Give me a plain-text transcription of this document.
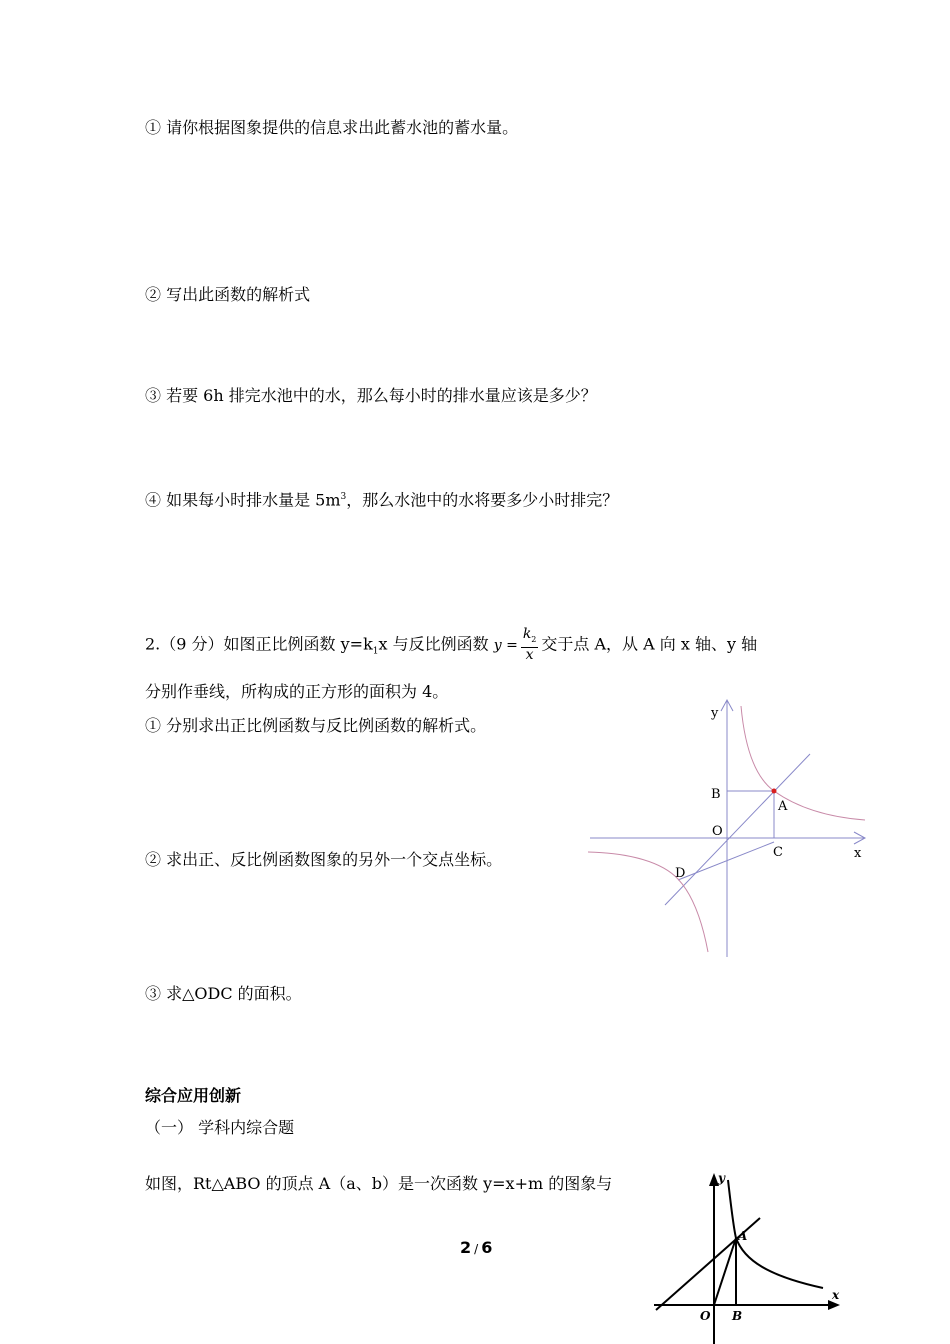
① 请你根据图象提供的信息求出此蓄水池的蓄水量。
② 写出此函数的解析式
③ 若要 6h 排完水池中的水，那么每小时的排水量应该是多少？
④ 如果每小时排水量是 $5m^3$，那么水池中的水将要多少小时排完？
2.（9 分）如图正比例函数 $y=k_1x$ 与反比例函数 $y = \frac{k_2}{x}$ 交于点 A，从 A 向 x 轴、y 轴
分别作垂线，所构成的正方形的面积为 4。
① 分别求出正比例函数与反比例函数的解析式。
② 求出正、反比例函数图象的另外一个交点坐标。
③ 求△ODC 的面积。
y
x
O
A
B
C
D
综合应用创新
（一） 学科内综合题
如图，Rt△ABO 的顶点 A（a、b）是一次函数 y=x+m 的图象与	y
x
O
A
B
2 / 6
